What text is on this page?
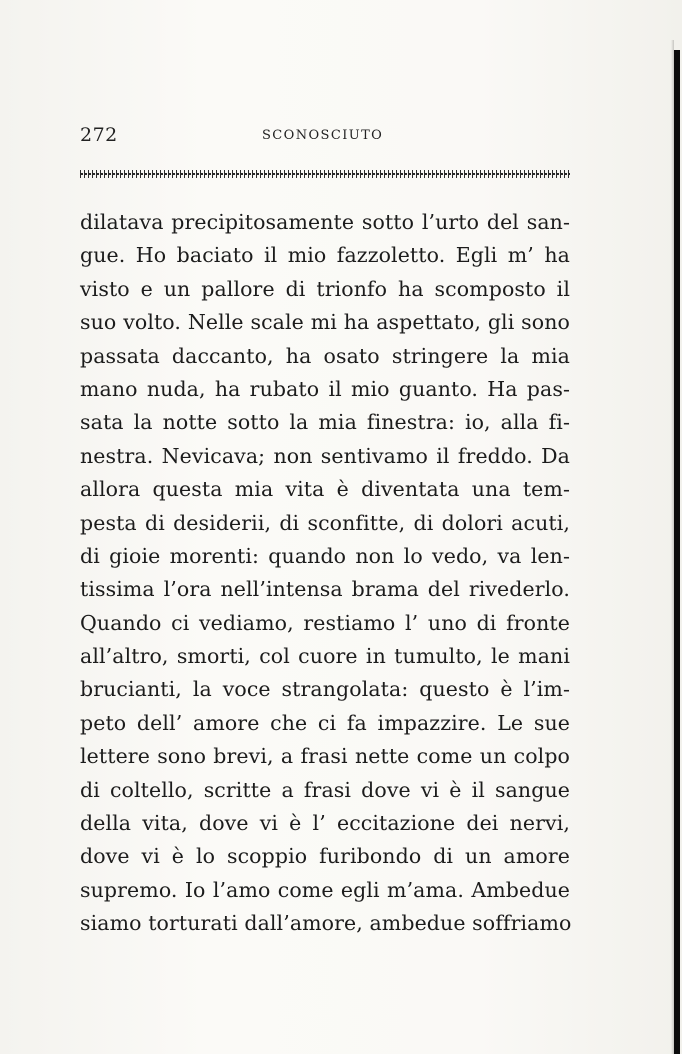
272	SCONOSCIUTO
dilatava precipitosamente sotto l’urto del san-
gue. Ho baciato il mio fazzoletto. Egli m’ ha
visto e un pallore di trionfo ha scomposto il
suo volto. Nelle scale mi ha aspettato, gli sono
passata daccanto, ha osato stringere la mia
mano nuda, ha rubato il mio guanto. Ha pas-
sata la notte sotto la mia finestra: io, alla fi-
nestra. Nevicava; non sentivamo il freddo. Da
allora questa mia vita è diventata una tem-
pesta di desiderii, di sconfitte, di dolori acuti,
di gioie morenti: quando non lo vedo, va len-
tissima l’ora nell’intensa brama del rivederlo.
Quando ci vediamo, restiamo l’ uno di fronte
all’altro, smorti, col cuore in tumulto, le mani
brucianti, la voce strangolata: questo è l’im-
peto dell’ amore che ci fa impazzire. Le sue
lettere sono brevi, a frasi nette come un colpo
di coltello, scritte a frasi dove vi è il sangue
della vita, dove vi è l’ eccitazione dei nervi,
dove vi è lo scoppio furibondo di un amore
supremo. Io l’amo come egli m’ama. Ambedue
siamo torturati dall’amore, ambedue soffriamo
